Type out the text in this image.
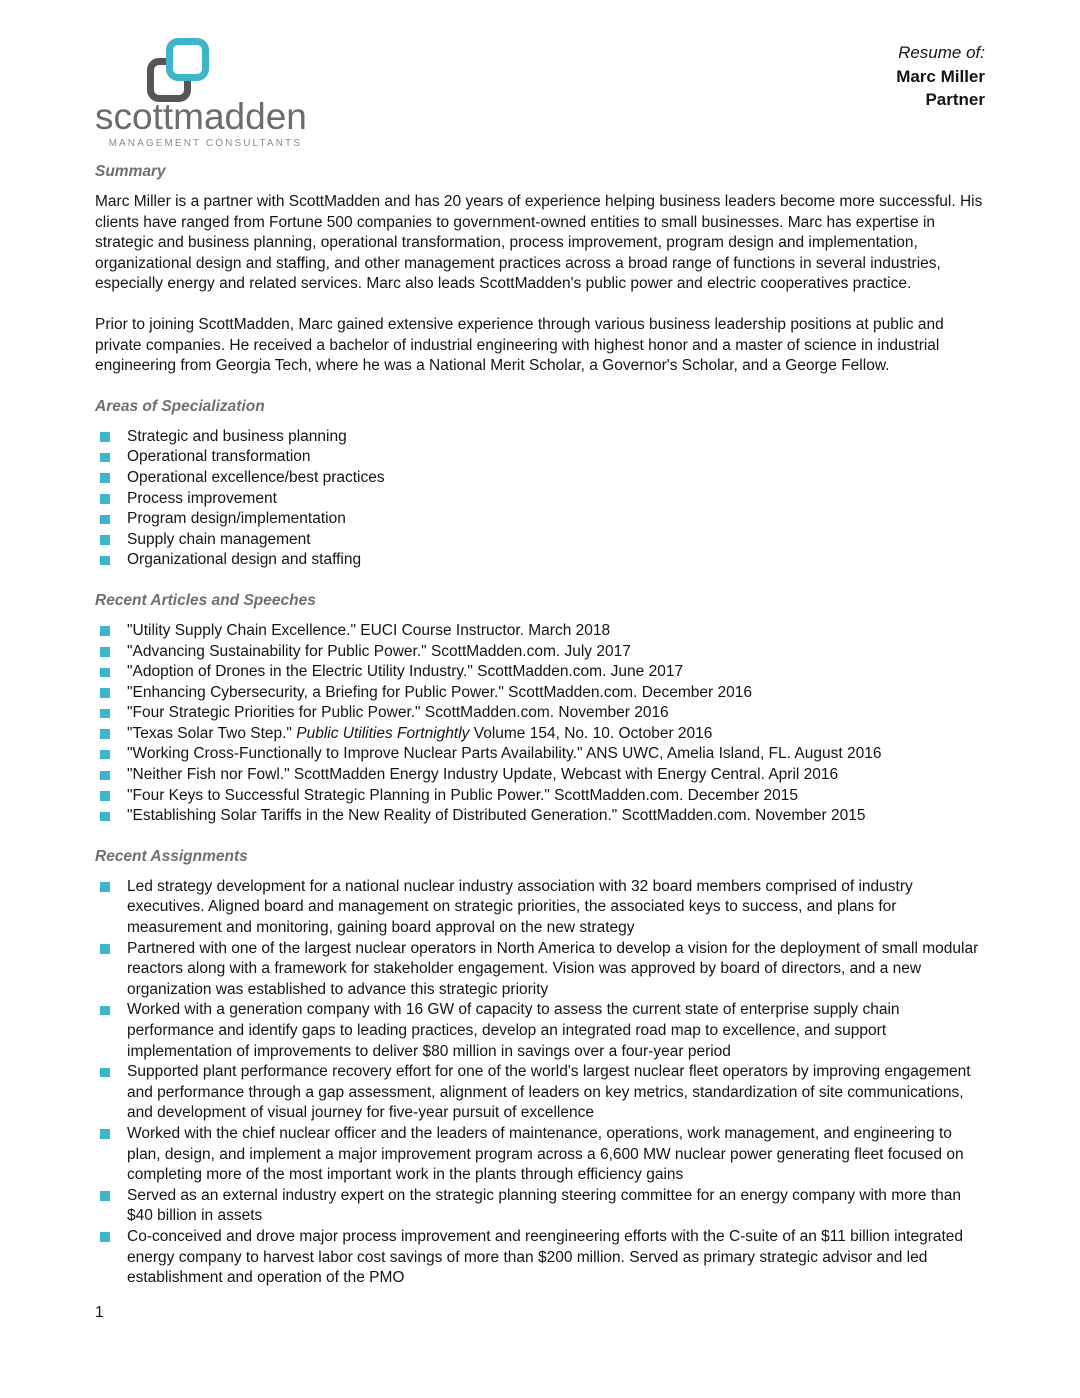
scottmadden
MANAGEMENT CONSULTANTS
Resume of:
Marc Miller
Partner
Summary

Marc Miller is a partner with ScottMadden and has 20 years of experience helping business leaders become more successful. His clients have ranged from Fortune 500 companies to government-owned entities to small businesses. Marc has expertise in strategic and business planning, operational transformation, process improvement, program design and implementation, organizational design and staffing, and other management practices across a broad range of functions in several industries, especially energy and related services. Marc also leads ScottMadden's public power and electric cooperatives practice.

Prior to joining ScottMadden, Marc gained extensive experience through various business leadership positions at public and private companies. He received a bachelor of industrial engineering with highest honor and a master of science in industrial engineering from Georgia Tech, where he was a National Merit Scholar, a Governor's Scholar, and a George Fellow.

Areas of Specialization
Strategic and business planning
Operational transformation
Operational excellence/best practices
Process improvement
Program design/implementation
Supply chain management
Organizational design and staffing
Recent Articles and Speeches
"Utility Supply Chain Excellence." EUCI Course Instructor. March 2018
"Advancing Sustainability for Public Power." ScottMadden.com. July 2017
"Adoption of Drones in the Electric Utility Industry." ScottMadden.com. June 2017
"Enhancing Cybersecurity, a Briefing for Public Power." ScottMadden.com. December 2016
"Four Strategic Priorities for Public Power." ScottMadden.com. November 2016
"Texas Solar Two Step." Public Utilities Fortnightly Volume 154, No. 10. October 2016
"Working Cross-Functionally to Improve Nuclear Parts Availability." ANS UWC, Amelia Island, FL. August 2016
"Neither Fish nor Fowl." ScottMadden Energy Industry Update, Webcast with Energy Central. April 2016
"Four Keys to Successful Strategic Planning in Public Power." ScottMadden.com. December 2015
"Establishing Solar Tariffs in the New Reality of Distributed Generation." ScottMadden.com. November 2015
Recent Assignments
Led strategy development for a national nuclear industry association with 32 board members comprised of industry executives. Aligned board and management on strategic priorities, the associated keys to success, and plans for measurement and monitoring, gaining board approval on the new strategy
Partnered with one of the largest nuclear operators in North America to develop a vision for the deployment of small modular reactors along with a framework for stakeholder engagement. Vision was approved by board of directors, and a new organization was established to advance this strategic priority
Worked with a generation company with 16 GW of capacity to assess the current state of enterprise supply chain performance and identify gaps to leading practices, develop an integrated road map to excellence, and support implementation of improvements to deliver $80 million in savings over a four-year period
Supported plant performance recovery effort for one of the world's largest nuclear fleet operators by improving engagement and performance through a gap assessment, alignment of leaders on key metrics, standardization of site communications, and development of visual journey for five-year pursuit of excellence
Worked with the chief nuclear officer and the leaders of maintenance, operations, work management, and engineering to plan, design, and implement a major improvement program across a 6,600 MW nuclear power generating fleet focused on completing more of the most important work in the plants through efficiency gains
Served as an external industry expert on the strategic planning steering committee for an energy company with more than $40 billion in assets
Co-conceived and drove major process improvement and reengineering efforts with the C-suite of an $11 billion integrated energy company to harvest labor cost savings of more than $200 million. Served as primary strategic advisor and led establishment and operation of the PMO
1
